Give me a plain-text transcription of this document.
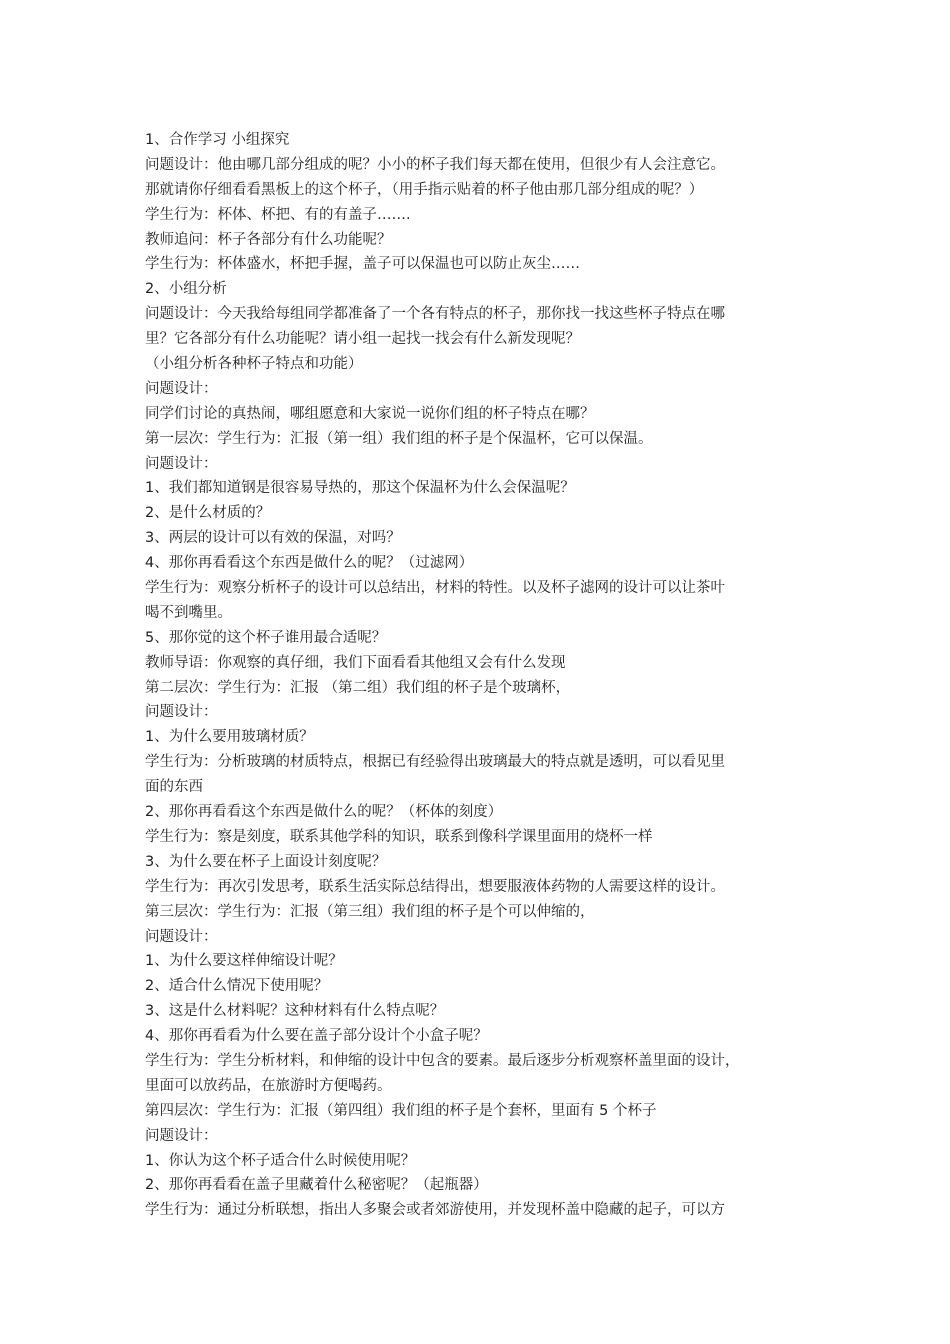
1、合作学习 小组探究
问题设计：他由哪几部分组成的呢？小小的杯子我们每天都在使用，但很少有人会注意它。
那就请你仔细看看黑板上的这个杯子，（用手指示贴着的杯子他由那几部分组成的呢？）
学生行为：杯体、杯把、有的有盖子…….
教师追问：杯子各部分有什么功能呢？
学生行为：杯体盛水，杯把手握，盖子可以保温也可以防止灰尘……
2、小组分析
问题设计：今天我给每组同学都准备了一个各有特点的杯子，那你找一找这些杯子特点在哪
里？它各部分有什么功能呢？请小组一起找一找会有什么新发现呢？
（小组分析各种杯子特点和功能）
问题设计：
同学们讨论的真热闹，哪组愿意和大家说一说你们组的杯子特点在哪？
第一层次：学生行为：汇报（第一组）我们组的杯子是个保温杯，它可以保温。
问题设计：
1、我们都知道钢是很容易导热的，那这个保温杯为什么会保温呢？
2、是什么材质的？
3、两层的设计可以有效的保温，对吗？
4、那你再看看这个东西是做什么的呢？（过滤网）
学生行为：观察分析杯子的设计可以总结出，材料的特性。以及杯子滤网的设计可以让茶叶
喝不到嘴里。
5、那你觉的这个杯子谁用最合适呢？
教师导语：你观察的真仔细，我们下面看看其他组又会有什么发现
第二层次：学生行为：汇报 （第二组）我们组的杯子是个玻璃杯，
问题设计：
1、为什么要用玻璃材质？
学生行为：分析玻璃的材质特点，根据已有经验得出玻璃最大的特点就是透明，可以看见里
面的东西
2、那你再看看这个东西是做什么的呢？（杯体的刻度）
学生行为：察是刻度，联系其他学科的知识，联系到像科学课里面用的烧杯一样
3、为什么要在杯子上面设计刻度呢？
学生行为：再次引发思考，联系生活实际总结得出，想要服液体药物的人需要这样的设计。
第三层次：学生行为：汇报（第三组）我们组的杯子是个可以伸缩的，
问题设计：
1、为什么要这样伸缩设计呢？
2、适合什么情况下使用呢？
3、这是什么材料呢？这种材料有什么特点呢？
4、那你再看看为什么要在盖子部分设计个小盒子呢？
学生行为：学生分析材料，和伸缩的设计中包含的要素。最后逐步分析观察杯盖里面的设计，
里面可以放药品，在旅游时方便喝药。
第四层次：学生行为：汇报（第四组）我们组的杯子是个套杯，里面有 5 个杯子
问题设计：
1、你认为这个杯子适合什么时候使用呢？
2、那你再看看在盖子里藏着什么秘密呢？（起瓶器）
学生行为：通过分析联想，指出人多聚会或者郊游使用，并发现杯盖中隐藏的起子，可以方
